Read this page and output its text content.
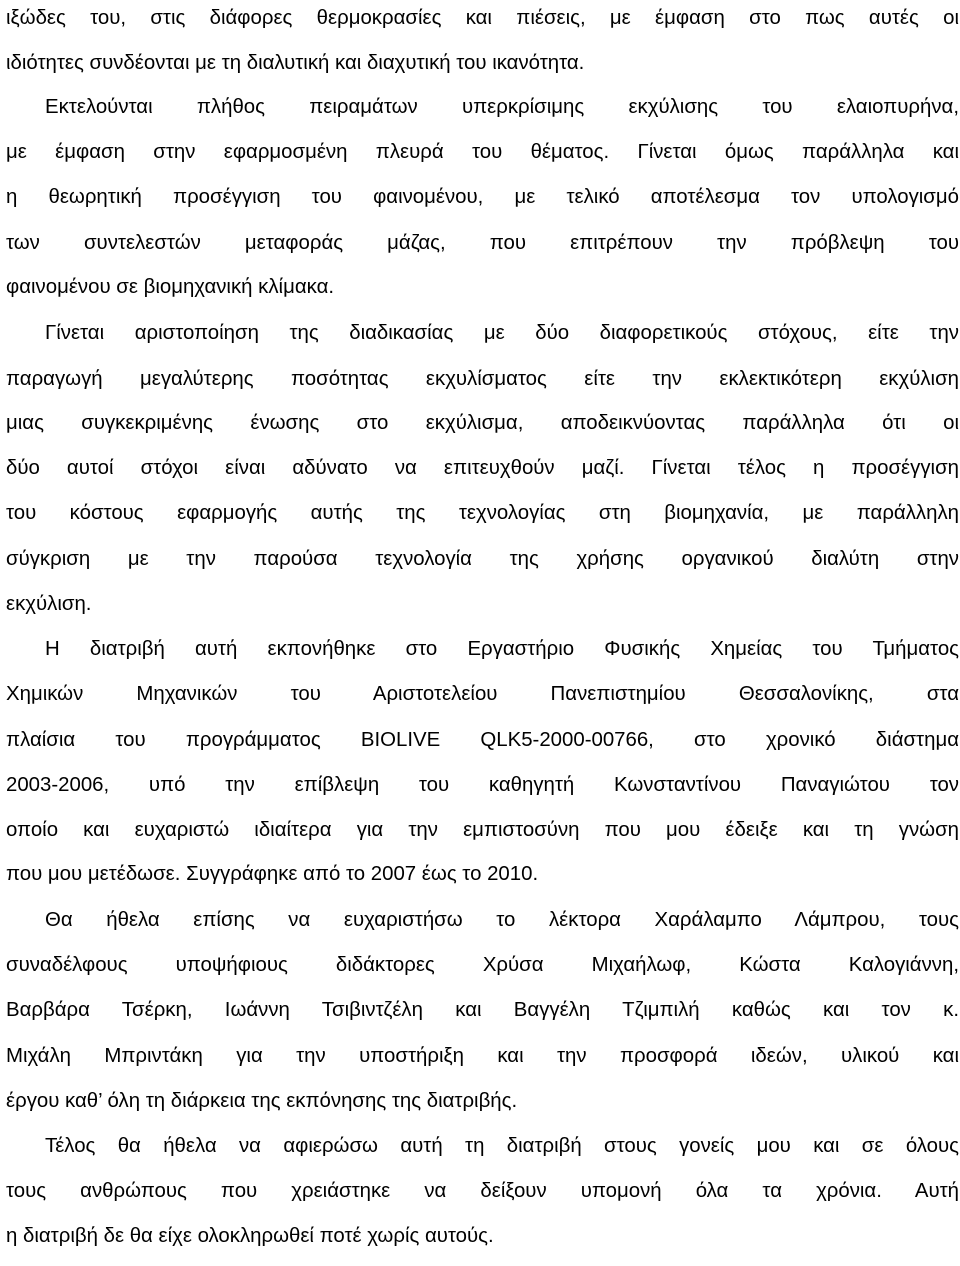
ιξώδες του, στις διάφορες θερμοκρασίες και πιέσεις, με έμφαση στο πως αυτές οι
ιδιότητες συνδέονται με τη διαλυτική και διαχυτική του ικανότητα.
Εκτελούνται πλήθος πειραμάτων υπερκρίσιμης εκχύλισης του ελαιοπυρήνα,
με έμφαση στην εφαρμοσμένη πλευρά του θέματος. Γίνεται όμως παράλληλα και
η θεωρητική προσέγγιση του φαινομένου, με τελικό αποτέλεσμα τον υπολογισμό
των συντελεστών μεταφοράς μάζας, που επιτρέπουν την πρόβλεψη του
φαινομένου σε βιομηχανική κλίμακα.
Γίνεται αριστοποίηση της διαδικασίας με δύο διαφορετικούς στόχους, είτε την
παραγωγή μεγαλύτερης ποσότητας εκχυλίσματος είτε την εκλεκτικότερη εκχύλιση
μιας συγκεκριμένης ένωσης στο εκχύλισμα, αποδεικνύοντας παράλληλα ότι οι
δύο αυτοί στόχοι είναι αδύνατο να επιτευχθούν μαζί. Γίνεται τέλος η προσέγγιση
του κόστους εφαρμογής αυτής της τεχνολογίας στη βιομηχανία, με παράλληλη
σύγκριση με την παρούσα τεχνολογία της χρήσης οργανικού διαλύτη στην
εκχύλιση.
Η διατριβή αυτή εκπονήθηκε στο Εργαστήριο Φυσικής Χημείας του Τμήματος
Χημικών Μηχανικών του Αριστοτελείου Πανεπιστημίου Θεσσαλονίκης, στα
πλαίσια του προγράμματος BIOLIVE QLK5-2000-00766, στο χρονικό διάστημα
2003-2006, υπό την επίβλεψη του καθηγητή Κωνσταντίνου Παναγιώτου τον
οποίο και ευχαριστώ ιδιαίτερα για την εμπιστοσύνη που μου έδειξε και τη γνώση
που μου μετέδωσε. Συγγράφηκε από το 2007 έως το 2010.
Θα ήθελα επίσης να ευχαριστήσω το λέκτορα Χαράλαμπο Λάμπρου, τους
συναδέλφους υποψήφιους διδάκτορες Χρύσα Μιχαήλωφ, Κώστα Καλογιάννη,
Βαρβάρα Τσέρκη, Ιωάννη Τσιβιντζέλη και Βαγγέλη Τζιμπιλή καθώς και τον κ.
Μιχάλη Μπριντάκη για την υποστήριξη και την προσφορά ιδεών, υλικού και
έργου καθ’ όλη τη διάρκεια της εκπόνησης της διατριβής.
Τέλος θα ήθελα να αφιερώσω αυτή τη διατριβή στους γονείς μου και σε όλους
τους ανθρώπους που χρειάστηκε να δείξουν υπομονή όλα τα χρόνια. Αυτή
η διατριβή δε θα είχε ολοκληρωθεί ποτέ χωρίς αυτούς.
